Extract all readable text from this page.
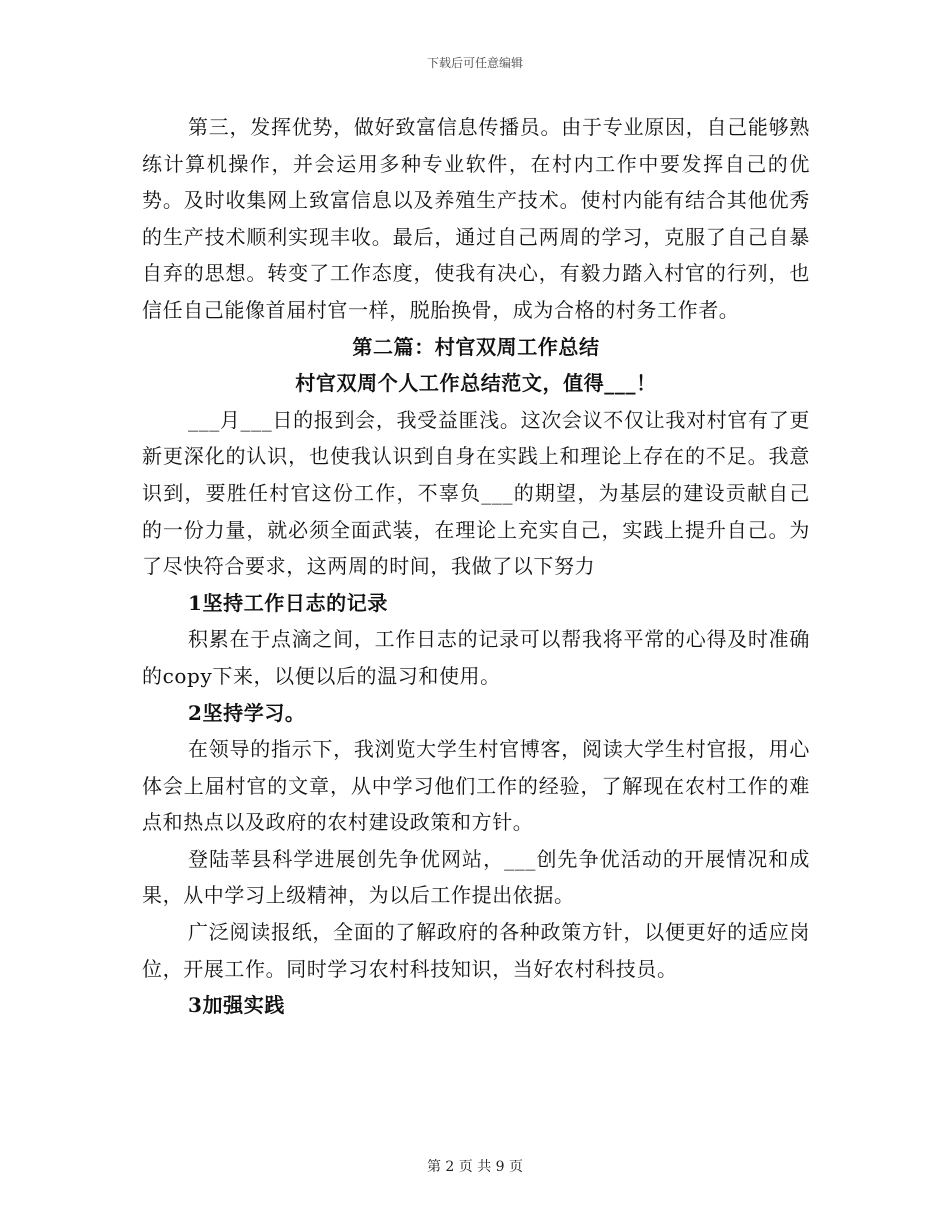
下载后可任意编辑

第三，发挥优势，做好致富信息传播员。由于专业原因，自己能够熟练计算机操作，并会运用多种专业软件，在村内工作中要发挥自己的优势。及时收集网上致富信息以及养殖生产技术。使村内能有结合其他优秀的生产技术顺利实现丰收。最后，通过自己两周的学习，克服了自己自暴自弃的思想。转变了工作态度，使我有决心，有毅力踏入村官的行列，也信任自己能像首届村官一样，脱胎换骨，成为合格的村务工作者。

第二篇：村官双周工作总结

村官双周个人工作总结范文，值得___！

___月___日的报到会，我受益匪浅。这次会议不仅让我对村官有了更新更深化的认识，也使我认识到自身在实践上和理论上存在的不足。我意识到，要胜任村官这份工作，不辜负___的期望，为基层的建设贡献自己的一份力量，就必须全面武装，在理论上充实自己，实践上提升自己。为了尽快符合要求，这两周的时间，我做了以下努力

1坚持工作日志的记录

积累在于点滴之间，工作日志的记录可以帮我将平常的心得及时准确的copy下来，以便以后的温习和使用。

2坚持学习。

在领导的指示下，我浏览大学生村官博客，阅读大学生村官报，用心体会上届村官的文章，从中学习他们工作的经验，了解现在农村工作的难点和热点以及政府的农村建设政策和方针。

登陆莘县科学进展创先争优网站，___创先争优活动的开展情况和成果，从中学习上级精神，为以后工作提出依据。

广泛阅读报纸，全面的了解政府的各种政策方针，以便更好的适应岗位，开展工作。同时学习农村科技知识，当好农村科技员。

3加强实践

第 2 页 共 9 页
